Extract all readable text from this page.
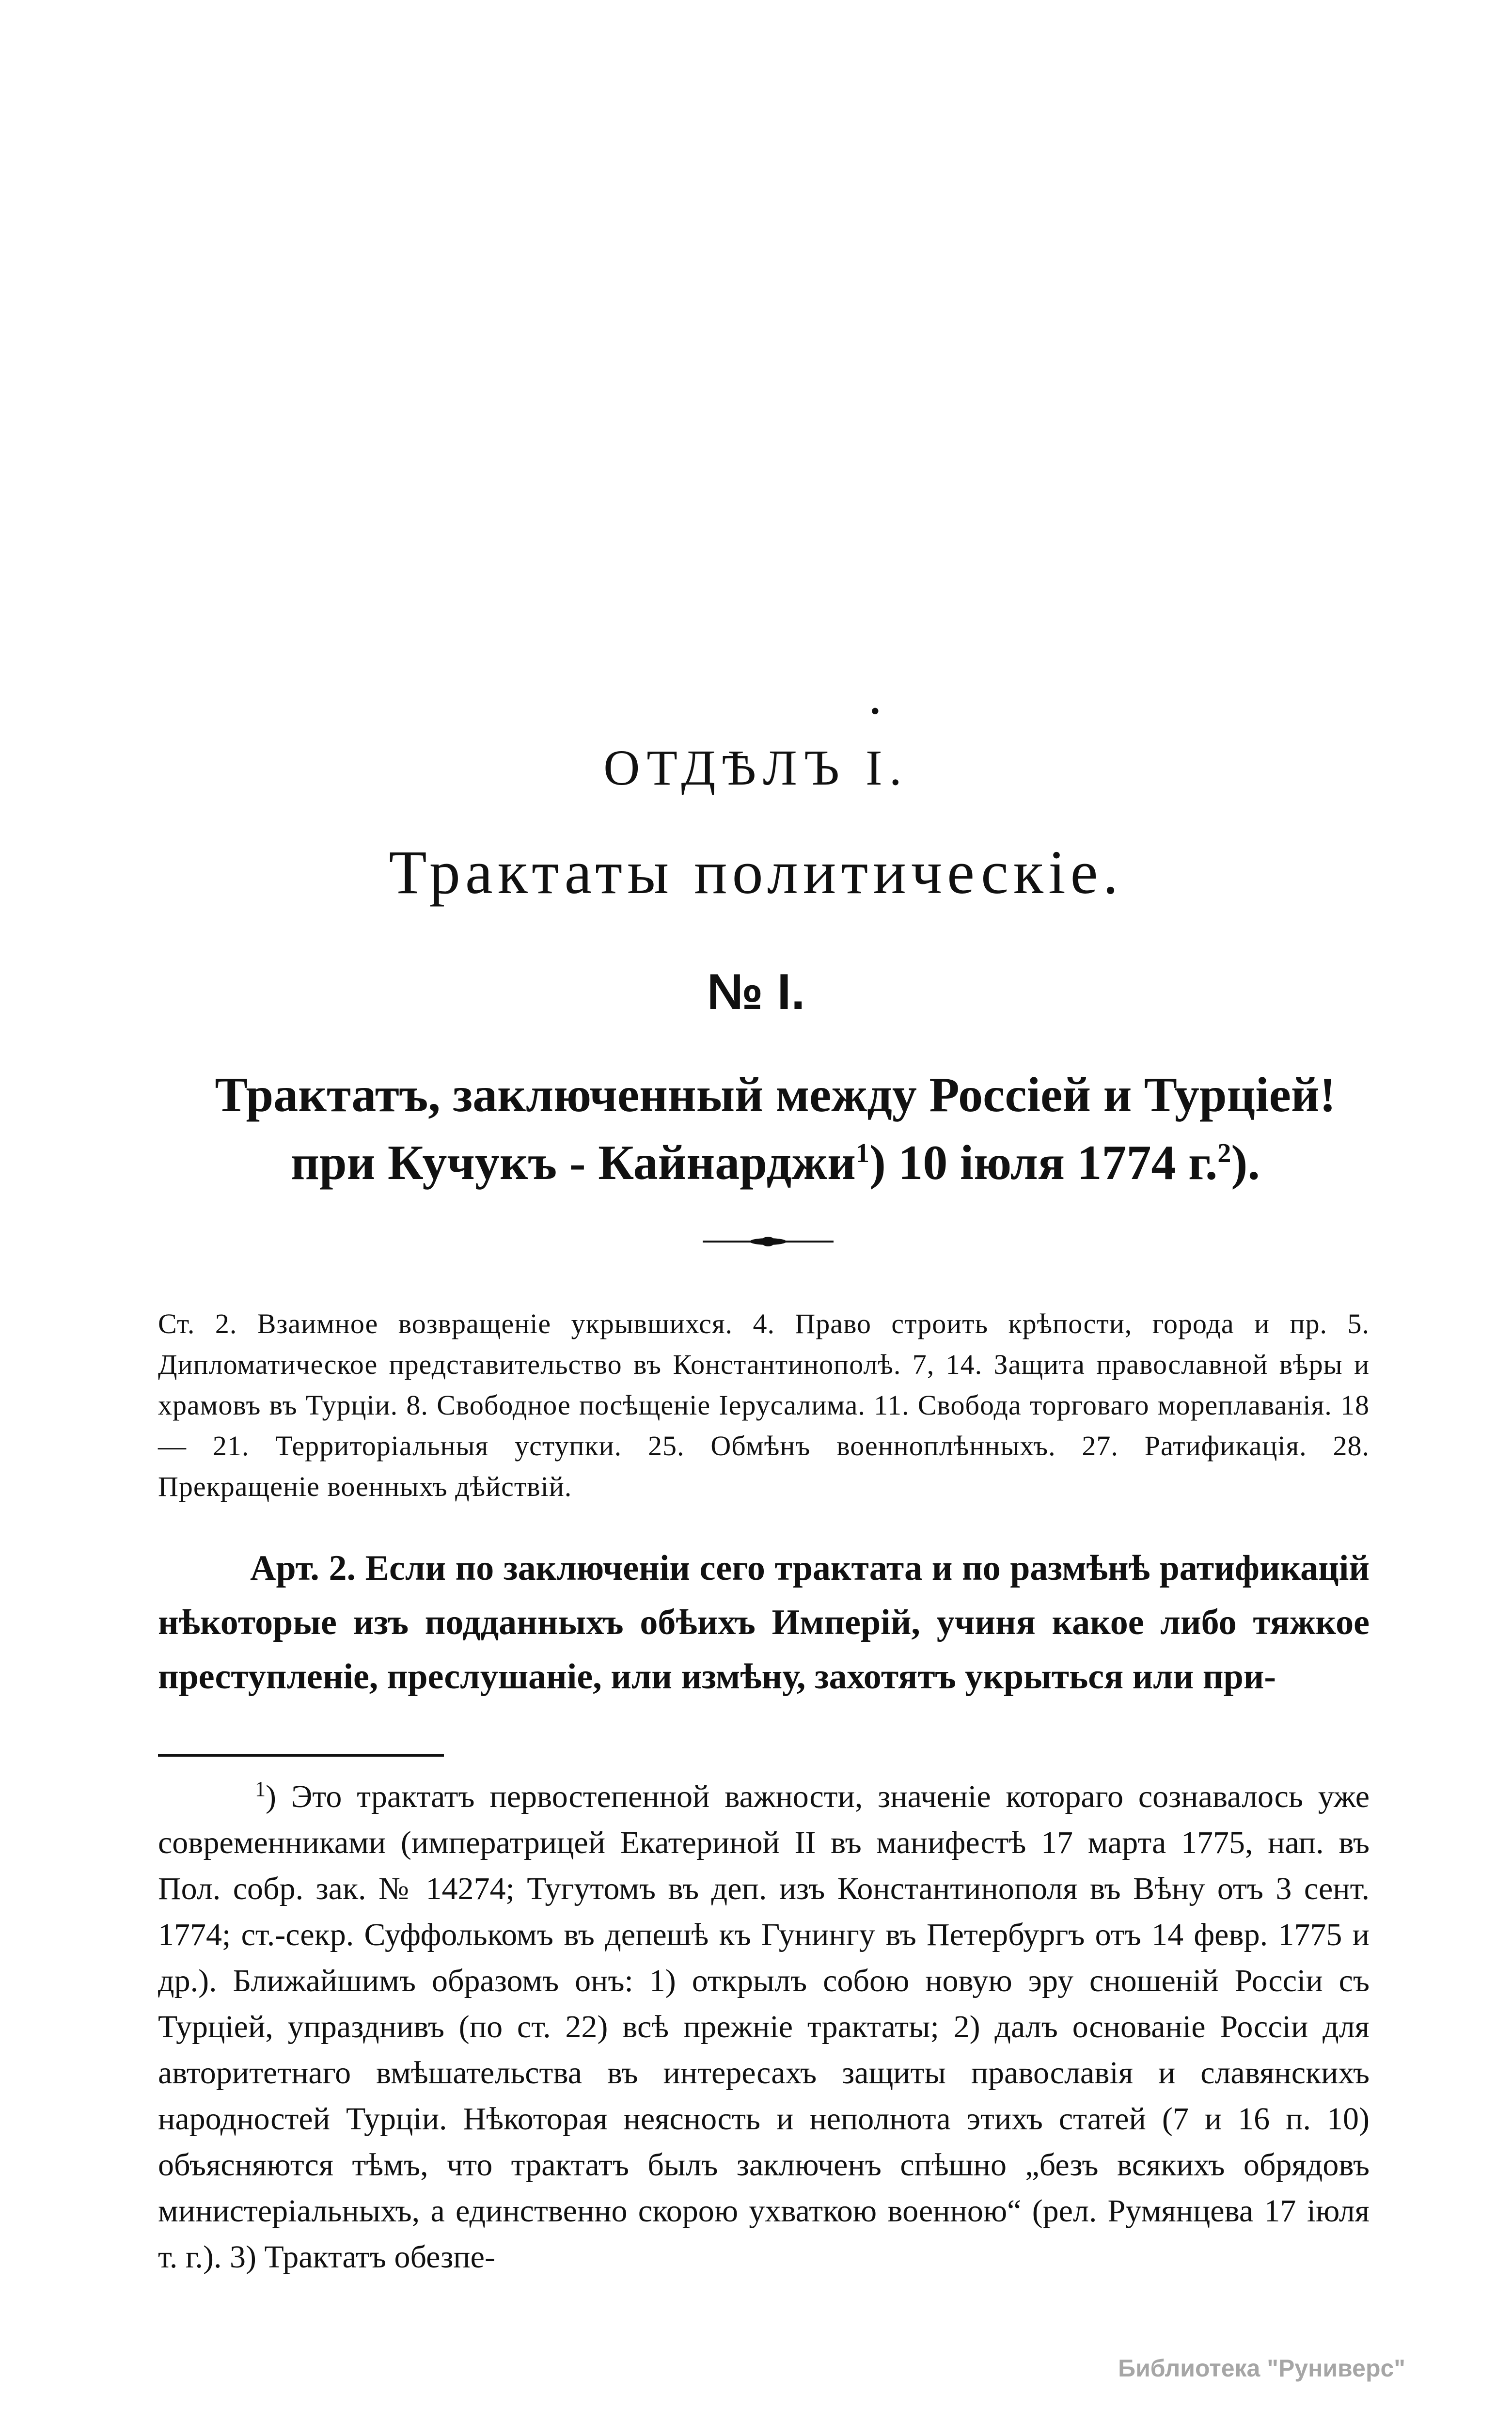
•
ОТДѢЛЪ I.
Трактаты политическіе.
№ I.
Трактатъ, заключенный между Россіей и Турціей!
при Кучукъ - Кайнарджи$^1$) 10 іюля 1774 г.$^2$).
Ст. 2. Взаимное возвращеніе укрывшихся. 4. Право строить крѣпости, города и пр. 5. Дипломатическое представительство въ Константинополѣ. 7, 14. Защита православной вѣры и храмовъ въ Турціи. 8. Свободное посѣщеніе Іерусалима. 11. Свобода торговаго мореплаванія. 18 — 21. Территоріальныя уступки. 25. Обмѣнъ военноплѣнныхъ. 27. Ратификація. 28. Прекращеніе военныхъ дѣйствій.
Арт. 2. Если по заключеніи сего трактата и по размѣнѣ ратификацій нѣкоторые изъ подданныхъ обѣихъ Имперій, учиня какое либо тяжкое преступленіе, преслушаніе, или измѣну, захотятъ укрыться или при-
$^1$) Это трактатъ первостепенной важности, значеніе котораго сознавалось уже современниками (императрицей Екатериной II въ манифестѣ 17 марта 1775, нап. въ Пол. собр. зак. № 14274; Тугутомъ въ деп. изъ Константинополя въ Вѣну отъ 3 сент. 1774; ст.-секр. Суффолькомъ въ депешѣ къ Гунингу въ Петербургъ отъ 14 февр. 1775 и др.). Ближайшимъ образомъ онъ: 1) открылъ собою новую эру сношеній Россіи съ Турціей, упразднивъ (по ст. 22) всѣ прежніе трактаты; 2) далъ основаніе Россіи для авторитетнаго вмѣшательства въ интересахъ защиты православія и славянскихъ народностей Турціи. Нѣкоторая неясность и неполнота этихъ статей (7 и 16 п. 10) объясняются тѣмъ, что трактатъ былъ заключенъ спѣшно „безъ всякихъ обрядовъ министеріальныхъ, а единственно скорою ухваткою военною“ (рел. Румянцева 17 іюля т. г.). 3) Трактатъ обезпе-
Библиотека "Руниверс"
